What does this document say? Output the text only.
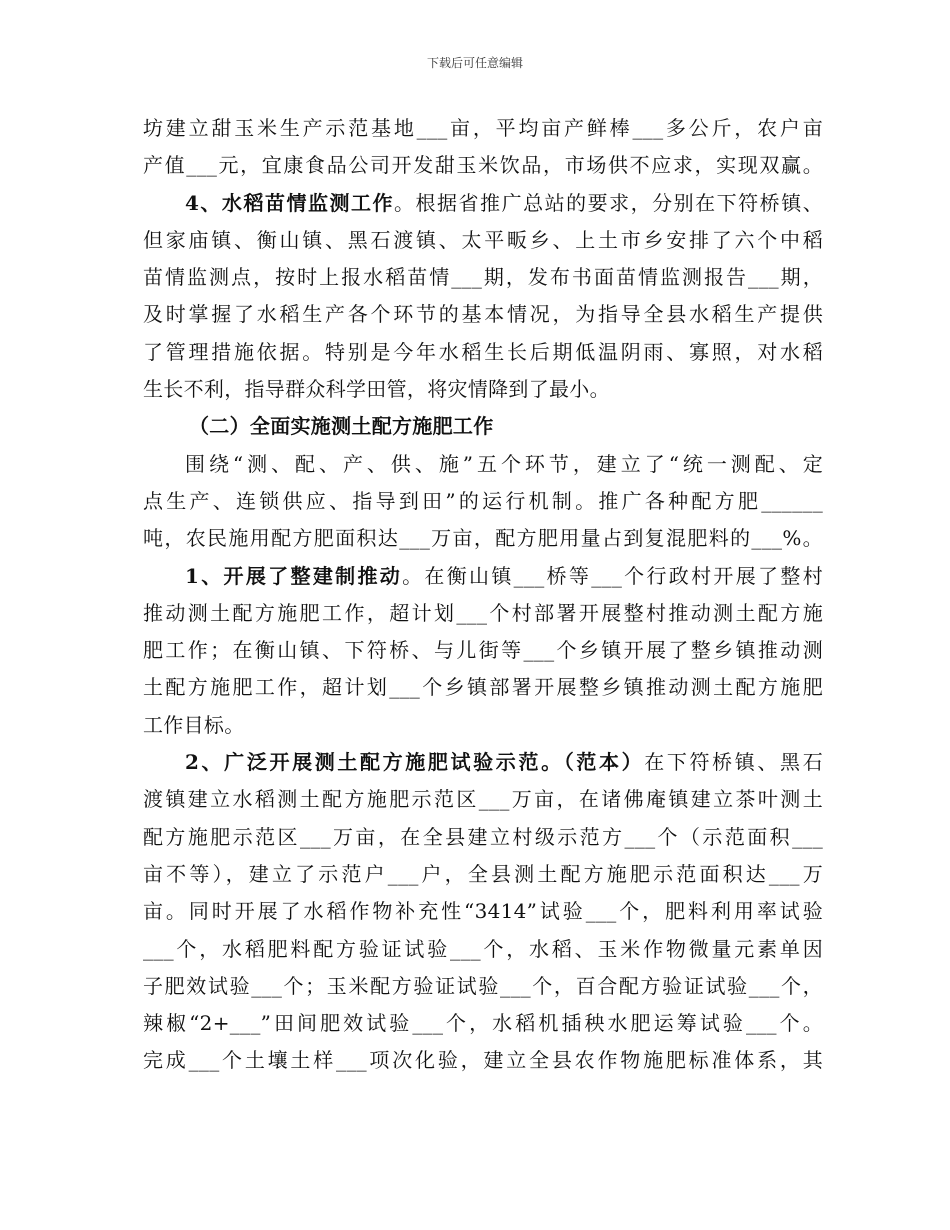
下载后可任意编辑
坊建立甜玉米生产示范基地___亩，平均亩产鲜棒___多公斤，农户亩
产值___元，宜康食品公司开发甜玉米饮品，市场供不应求，实现双赢。
4、水稻苗情监测工作。根据省推广总站的要求，分别在下符桥镇、
但家庙镇、衡山镇、黑石渡镇、太平畈乡、上土市乡安排了六个中稻
苗情监测点，按时上报水稻苗情___期，发布书面苗情监测报告___期，
及时掌握了水稻生产各个环节的基本情况，为指导全县水稻生产提供
了管理措施依据。特别是今年水稻生长后期低温阴雨、寡照，对水稻
生长不利，指导群众科学田管，将灾情降到了最小。
（二）全面实施测土配方施肥工作
围绕“测、配、产、供、施”五个环节，建立了“统一测配、定
点生产、连锁供应、指导到田”的运行机制。推广各种配方肥______
吨，农民施用配方肥面积达___万亩，配方肥用量占到复混肥料的___%。
1、开展了整建制推动。在衡山镇___桥等___个行政村开展了整村
推动测土配方施肥工作，超计划___个村部署开展整村推动测土配方施
肥工作；在衡山镇、下符桥、与儿街等___个乡镇开展了整乡镇推动测
土配方施肥工作，超计划___个乡镇部署开展整乡镇推动测土配方施肥
工作目标。
2、广泛开展测土配方施肥试验示范。（范本）在下符桥镇、黑石
渡镇建立水稻测土配方施肥示范区___万亩，在诸佛庵镇建立茶叶测土
配方施肥示范区___万亩，在全县建立村级示范方___个（示范面积___
亩不等），建立了示范户___户，全县测土配方施肥示范面积达___万
亩。同时开展了水稻作物补充性“3414”试验___个，肥料利用率试验
___个，水稻肥料配方验证试验___个，水稻、玉米作物微量元素单因
子肥效试验___个；玉米配方验证试验___个，百合配方验证试验___个，
辣椒“2+___”田间肥效试验___个，水稻机插秧水肥运筹试验___个。
完成___个土壤土样___项次化验，建立全县农作物施肥标准体系，其
